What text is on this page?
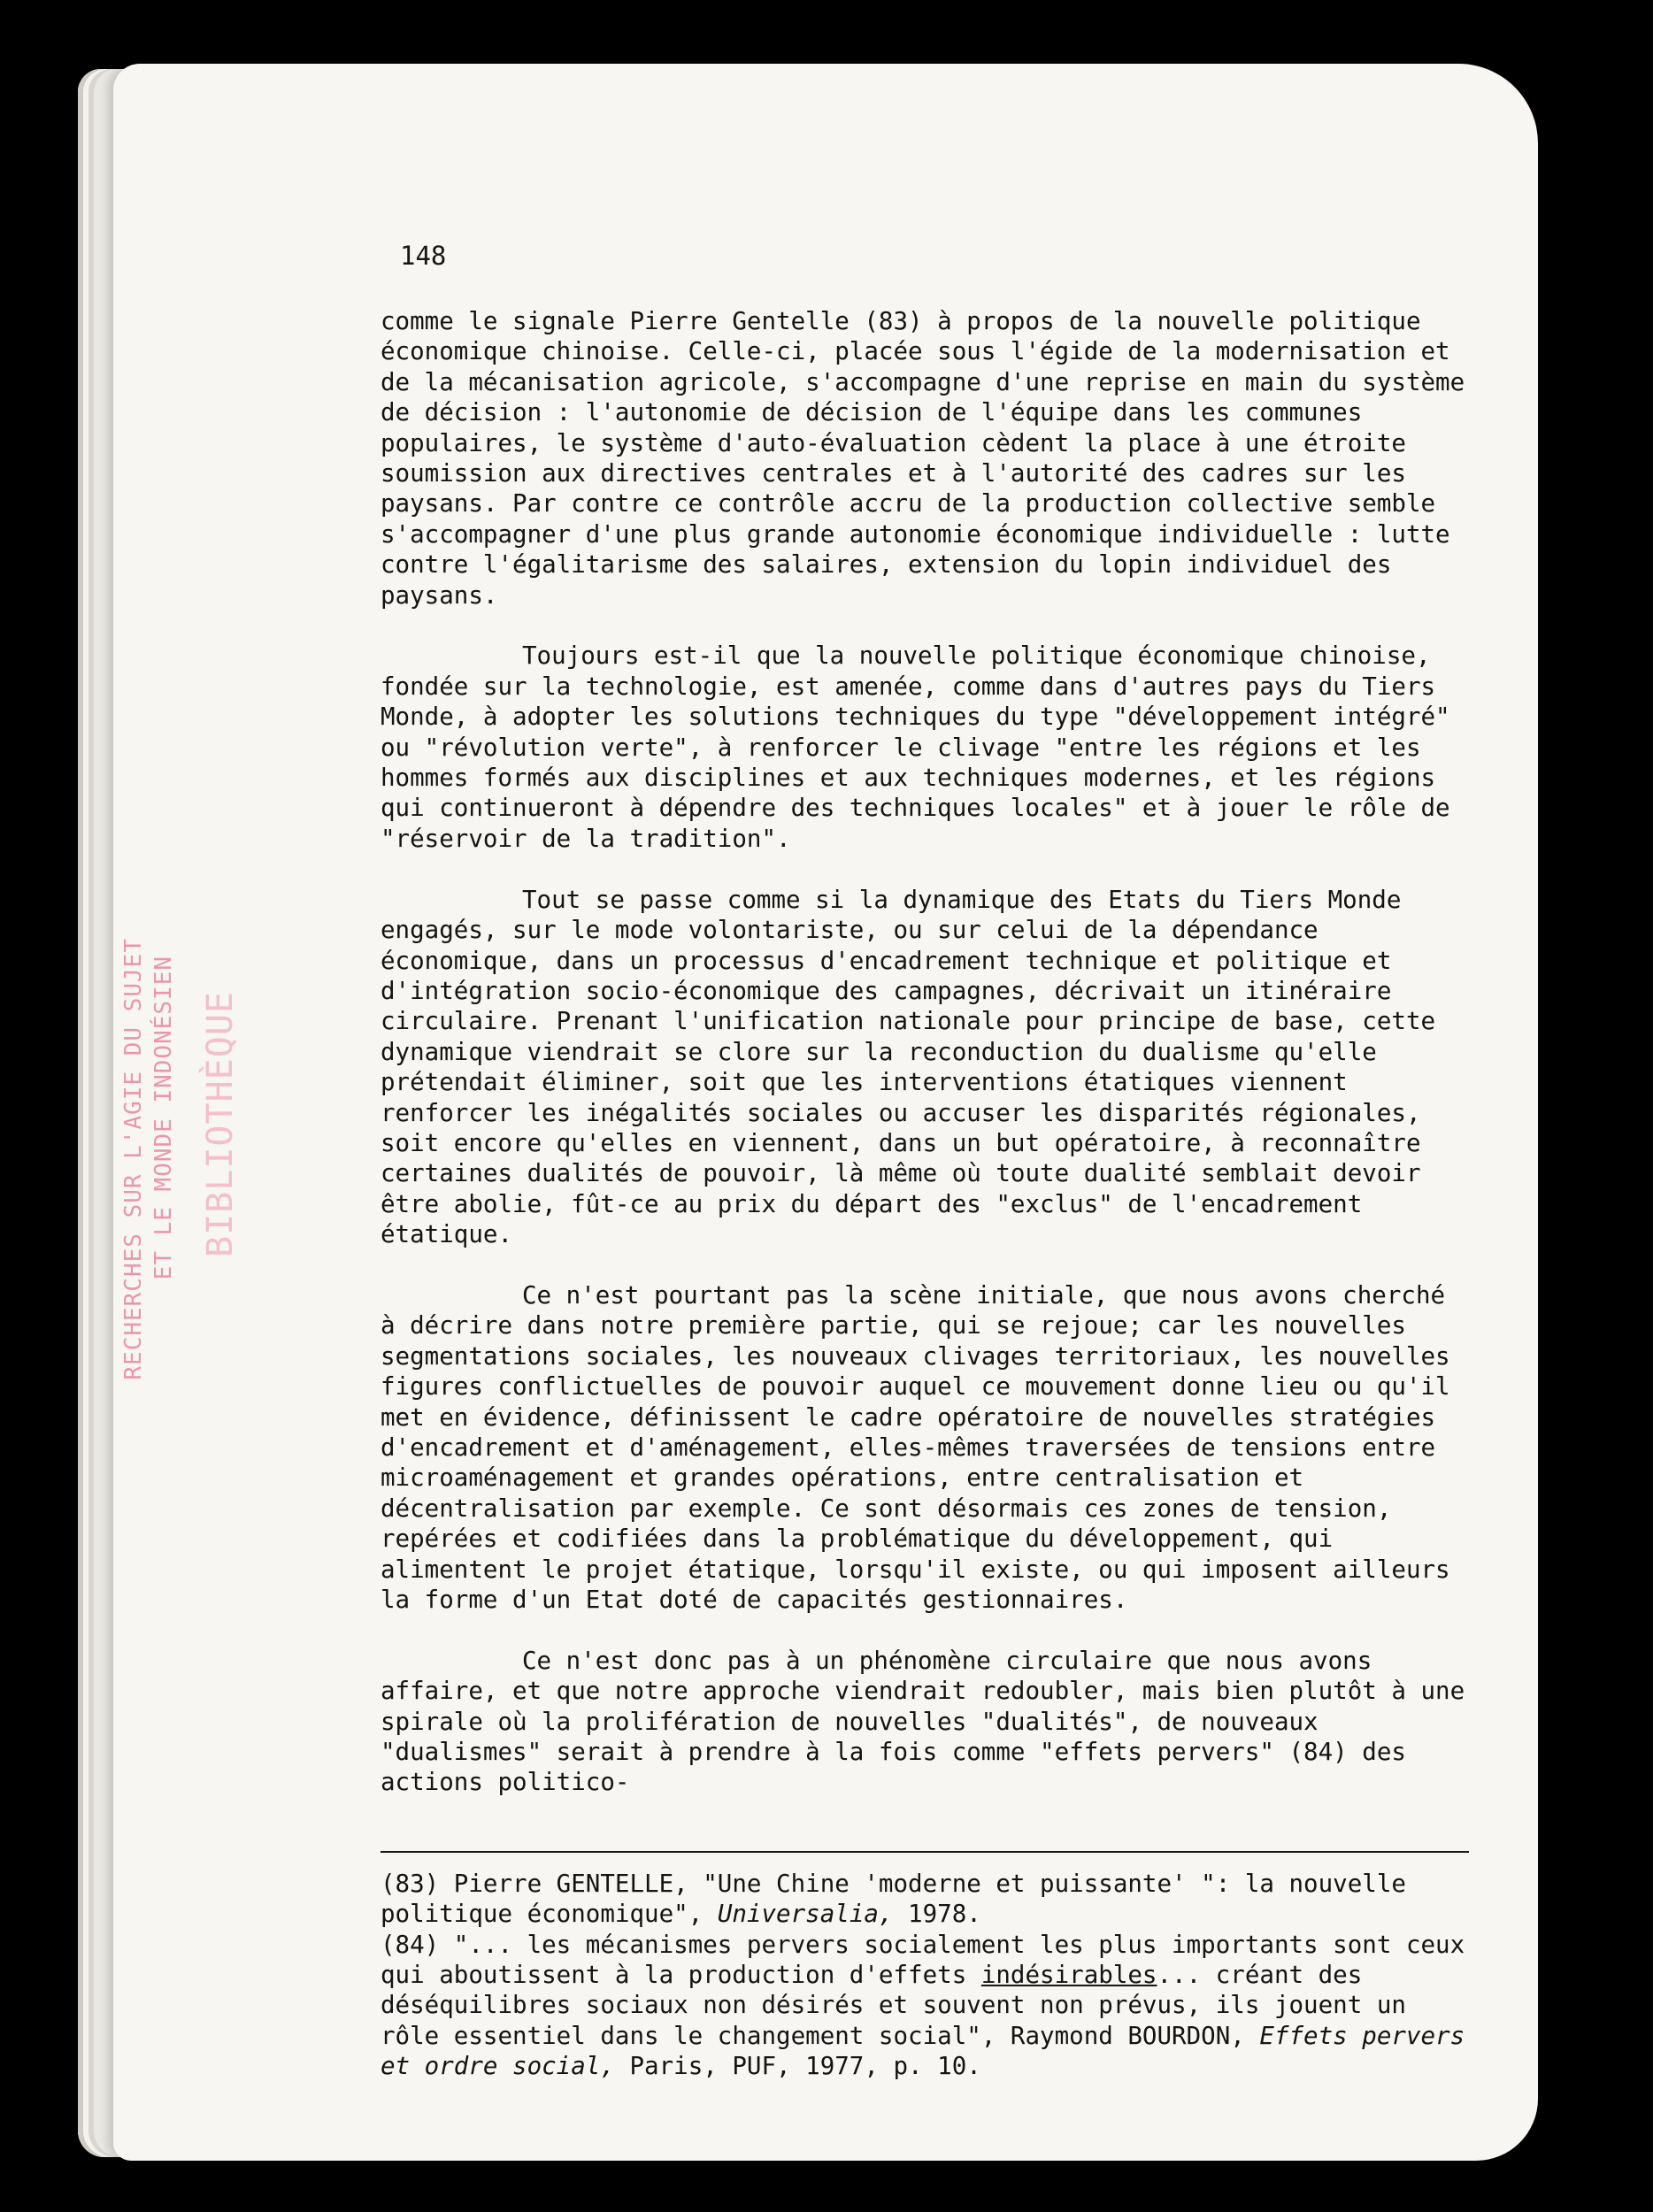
RECHERCHES SUR L'AGIE DU SUJET ET LE MONDE INDONÉSIEN BIBLIOTHÈQUE
148

comme le signale Pierre Gentelle (83) à propos de la nouvelle politique économique chinoise. Celle-ci, placée sous l'égide de la modernisation et de la mécanisation agricole, s'accompagne d'une reprise en main du système de décision : l'autonomie de décision de l'équipe dans les communes populaires, le système d'auto-évaluation cèdent la place à une étroite soumission aux directives centrales et à l'autorité des cadres sur les paysans. Par contre ce contrôle accru de la production collective semble s'accompagner d'une plus grande autonomie économique individuelle : lutte contre l'égalitarisme des salaires, extension du lopin individuel des paysans.

Toujours est-il que la nouvelle politique économique chinoise, fondée sur la technologie, est amenée, comme dans d'autres pays du Tiers Monde, à adopter les solutions techniques du type "développement intégré" ou "révolution verte", à renforcer le clivage "entre les régions et les hommes formés aux disciplines et aux techniques modernes, et les régions qui continueront à dépendre des techniques locales" et à jouer le rôle de "réservoir de la tradition".

Tout se passe comme si la dynamique des Etats du Tiers Monde engagés, sur le mode volontariste, ou sur celui de la dépendance économique, dans un processus d'encadrement technique et politique et d'intégration socio-économique des campagnes, décrivait un itinéraire circulaire. Prenant l'unification nationale pour principe de base, cette dynamique viendrait se clore sur la reconduction du dualisme qu'elle prétendait éliminer, soit que les interventions étatiques viennent renforcer les inégalités sociales ou accuser les disparités régionales, soit encore qu'elles en viennent, dans un but opératoire, à reconnaître certaines dualités de pouvoir, là même où toute dualité semblait devoir être abolie, fût-ce au prix du départ des "exclus" de l'encadrement étatique.

Ce n'est pourtant pas la scène initiale, que nous avons cherché à décrire dans notre première partie, qui se rejoue; car les nouvelles segmentations sociales, les nouveaux clivages territoriaux, les nouvelles figures conflictuelles de pouvoir auquel ce mouvement donne lieu ou qu'il met en évidence, définissent le cadre opératoire de nouvelles stratégies d'encadrement et d'aménagement, elles-mêmes traversées de tensions entre microaménagement et grandes opérations, entre centralisation et décentralisation par exemple. Ce sont désormais ces zones de tension, repérées et codifiées dans la problématique du développement, qui alimentent le projet étatique, lorsqu'il existe, ou qui imposent ailleurs la forme d'un Etat doté de capacités gestionnaires.

Ce n'est donc pas à un phénomène circulaire que nous avons affaire, et que notre approche viendrait redoubler, mais bien plutôt à une spirale où la prolifération de nouvelles "dualités", de nouveaux "dualismes" serait à prendre à la fois comme "effets pervers" (84) des actions politico-

(83) Pierre GENTELLE, "Une Chine 'moderne et puissante' ": la nouvelle politique économique", Universalia, 1978.

(84) "... les mécanismes pervers socialement les plus importants sont ceux qui aboutissent à la production d'effets indésirables... créant des déséquilibres sociaux non désirés et souvent non prévus, ils jouent un rôle essentiel dans le changement social", Raymond BOURDON, Effets pervers et ordre social, Paris, PUF, 1977, p. 10.
